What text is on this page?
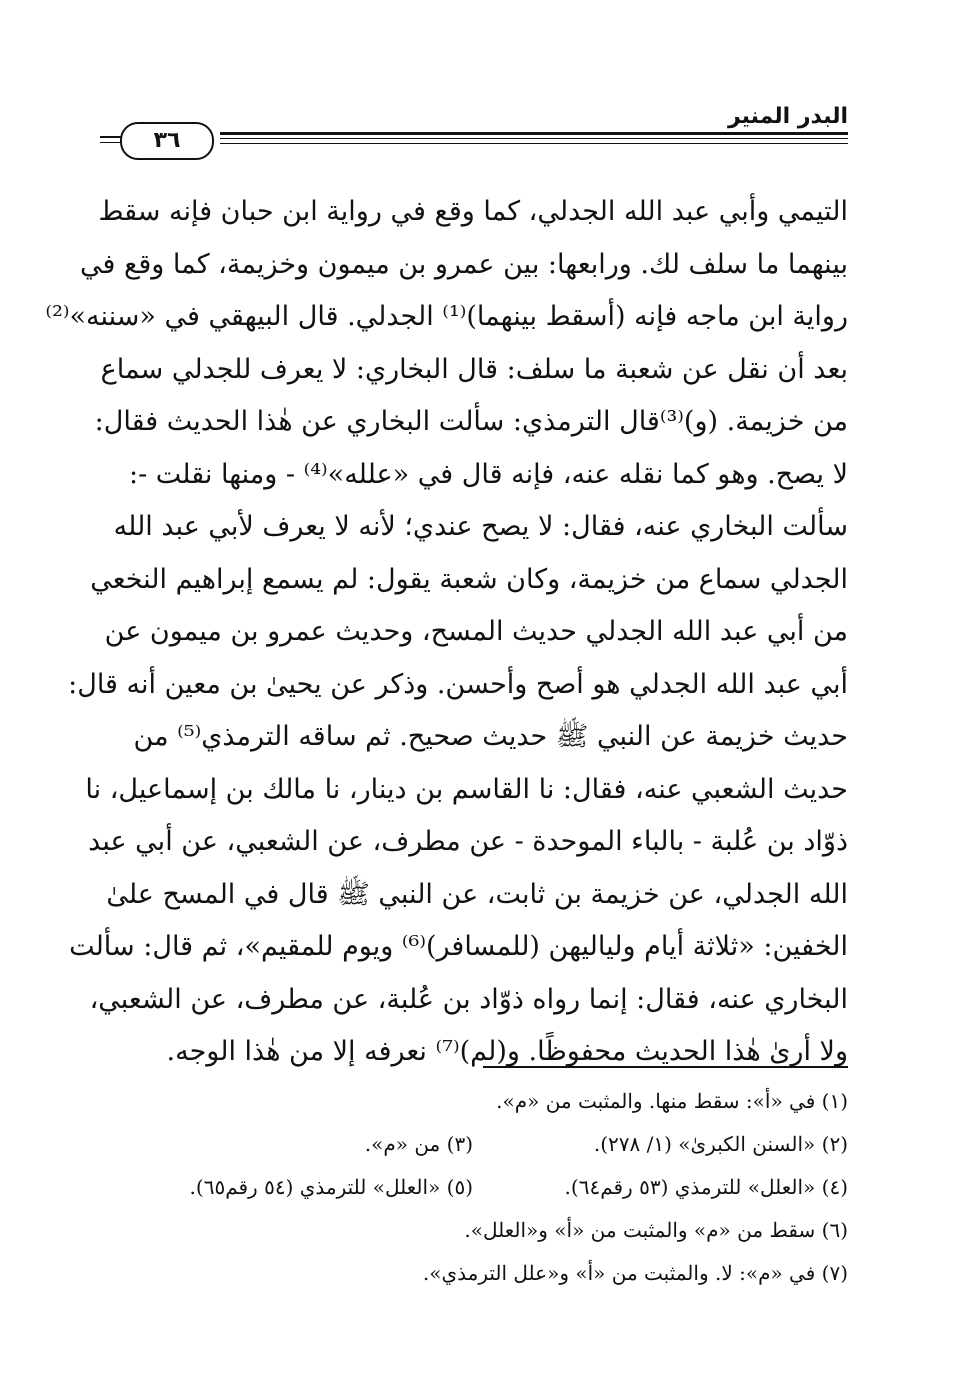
البدر المنير
٣٦
التيمي وأبي عبد الله الجدلي، كما وقع في رواية ابن حبان فإنه سقط
بينهما ما سلف لك. ورابعها: بين عمرو بن ميمون وخزيمة، كما وقع في
رواية ابن ماجه فإنه (أسقط بينهما)⁽¹⁾ الجدلي. قال البيهقي في «سننه»⁽²⁾
بعد أن نقل عن شعبة ما سلف: قال البخاري: لا يعرف للجدلي سماع
من خزيمة. (و)⁽³⁾قال الترمذي: سألت البخاري عن هٰذا الحديث فقال:
لا يصح. وهو كما نقله عنه، فإنه قال في «علله»⁽⁴⁾ - ومنها نقلت -:
سألت البخاري عنه، فقال: لا يصح عندي؛ لأنه لا يعرف لأبي عبد الله
الجدلي سماع من خزيمة، وكان شعبة يقول: لم يسمع إبراهيم النخعي
من أبي عبد الله الجدلي حديث المسح، وحديث عمرو بن ميمون عن
أبي عبد الله الجدلي هو أصح وأحسن. وذكر عن يحيىٰ بن معين أنه قال:
حديث خزيمة عن النبي ﷺ حديث صحيح. ثم ساقه الترمذي⁽⁵⁾ من
حديث الشعبي عنه، فقال: نا القاسم بن دينار، نا مالك بن إسماعيل، نا
ذوّاد بن عُلبة - بالباء الموحدة - عن مطرف، عن الشعبي، عن أبي عبد
الله الجدلي، عن خزيمة بن ثابت، عن النبي ﷺ قال في المسح علىٰ
الخفين: «ثلاثة أيام ولياليهن (للمسافر)⁽⁶⁾ ويوم للمقيم»، ثم قال: سألت
البخاري عنه، فقال: إنما رواه ذوّاد بن عُلبة، عن مطرف، عن الشعبي،
ولا أرىٰ هٰذا الحديث محفوظًا. و(لم)⁽⁷⁾ نعرفه إلا من هٰذا الوجه.
(١) في «أ»: سقط منها. والمثبت من «م».
(٢) «السنن الكبرىٰ» (١/ ٢٧٨).
(٣) من «م».
(٤) «العلل» للترمذي (٥٣ رقم٦٤).
(٥) «العلل» للترمذي (٥٤ رقم٦٥).
(٦) سقط من «م» والمثبت من «أ» و«العلل».
(٧) في «م»: لا. والمثبت من «أ» و«علل الترمذي».
